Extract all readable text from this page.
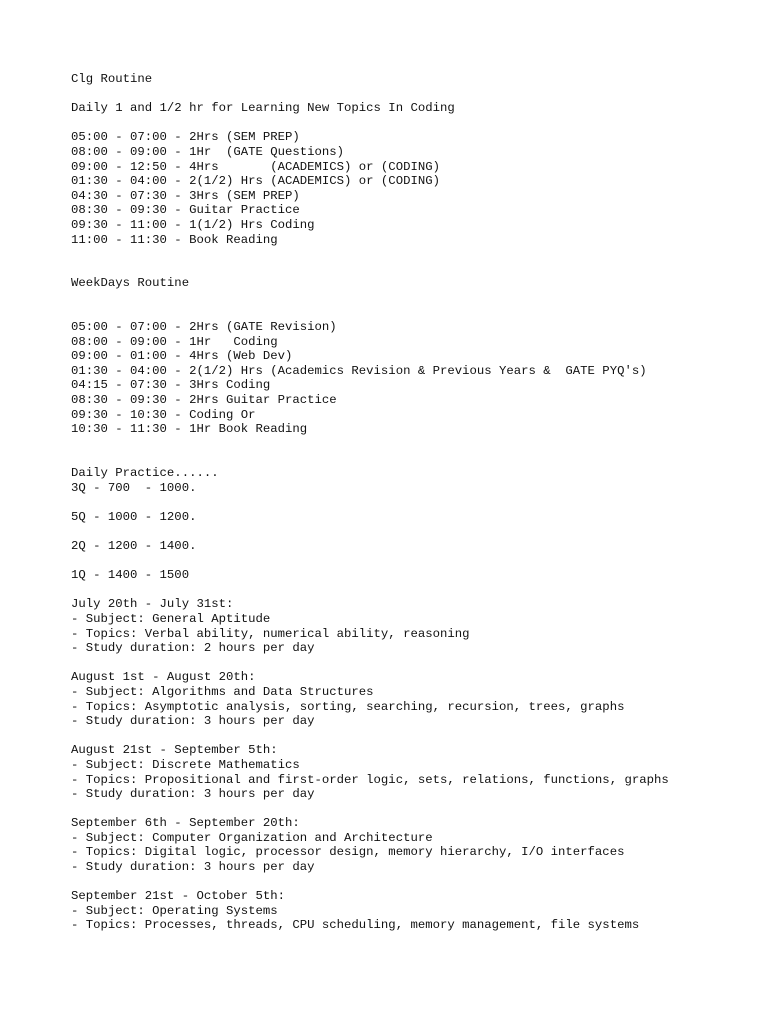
Clg Routine
Daily 1 and 1/2 hr for Learning New Topics In Coding
05:00 - 07:00 - 2Hrs (SEM PREP)
08:00 - 09:00 - 1Hr  (GATE Questions)
09:00 - 12:50 - 4Hrs       (ACADEMICS) or (CODING)
01:30 - 04:00 - 2(1/2) Hrs (ACADEMICS) or (CODING)
04:30 - 07:30 - 3Hrs (SEM PREP)
08:30 - 09:30 - Guitar Practice
09:30 - 11:00 - 1(1/2) Hrs Coding
11:00 - 11:30 - Book Reading
WeekDays Routine
05:00 - 07:00 - 2Hrs (GATE Revision)
08:00 - 09:00 - 1Hr   Coding
09:00 - 01:00 - 4Hrs (Web Dev)
01:30 - 04:00 - 2(1/2) Hrs (Academics Revision & Previous Years &  GATE PYQ's)
04:15 - 07:30 - 3Hrs Coding
08:30 - 09:30 - 2Hrs Guitar Practice
09:30 - 10:30 - Coding Or
10:30 - 11:30 - 1Hr Book Reading
Daily Practice......
3Q - 700  - 1000.
5Q - 1000 - 1200.
2Q - 1200 - 1400.
1Q - 1400 - 1500
July 20th - July 31st:
- Subject: General Aptitude
- Topics: Verbal ability, numerical ability, reasoning
- Study duration: 2 hours per day
August 1st - August 20th:
- Subject: Algorithms and Data Structures
- Topics: Asymptotic analysis, sorting, searching, recursion, trees, graphs
- Study duration: 3 hours per day
August 21st - September 5th:
- Subject: Discrete Mathematics
- Topics: Propositional and first-order logic, sets, relations, functions, graphs
- Study duration: 3 hours per day
September 6th - September 20th:
- Subject: Computer Organization and Architecture
- Topics: Digital logic, processor design, memory hierarchy, I/O interfaces
- Study duration: 3 hours per day
September 21st - October 5th:
- Subject: Operating Systems
- Topics: Processes, threads, CPU scheduling, memory management, file systems
